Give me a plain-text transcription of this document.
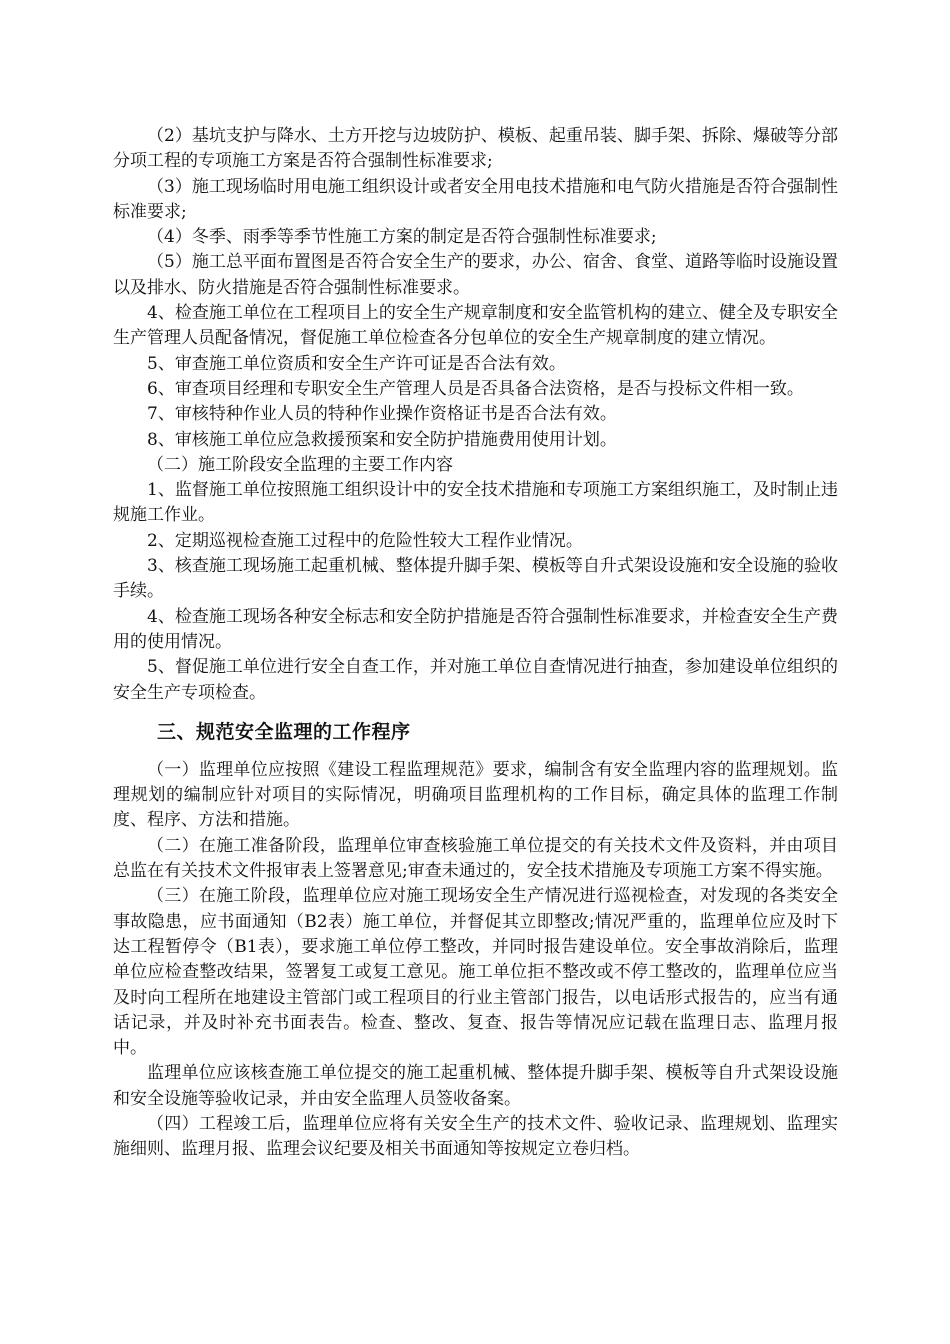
（2）基坑支护与降水、土方开挖与边坡防护、模板、起重吊装、脚手架、拆除、爆破等分部分项工程的专项施工方案是否符合强制性标准要求;

（3）施工现场临时用电施工组织设计或者安全用电技术措施和电气防火措施是否符合强制性标准要求;

（4）冬季、雨季等季节性施工方案的制定是否符合强制性标准要求;

（5）施工总平面布置图是否符合安全生产的要求，办公、宿舍、食堂、道路等临时设施设置以及排水、防火措施是否符合强制性标准要求。

4、检查施工单位在工程项目上的安全生产规章制度和安全监管机构的建立、健全及专职安全生产管理人员配备情况，督促施工单位检查各分包单位的安全生产规章制度的建立情况。

5、审查施工单位资质和安全生产许可证是否合法有效。

6、审查项目经理和专职安全生产管理人员是否具备合法资格，是否与投标文件相一致。

7、审核特种作业人员的特种作业操作资格证书是否合法有效。

8、审核施工单位应急救援预案和安全防护措施费用使用计划。

（二）施工阶段安全监理的主要工作内容

1、监督施工单位按照施工组织设计中的安全技术措施和专项施工方案组织施工，及时制止违规施工作业。

2、定期巡视检查施工过程中的危险性较大工程作业情况。

3、核查施工现场施工起重机械、整体提升脚手架、模板等自升式架设设施和安全设施的验收手续。

4、检查施工现场各种安全标志和安全防护措施是否符合强制性标准要求，并检查安全生产费用的使用情况。

5、督促施工单位进行安全自查工作，并对施工单位自查情况进行抽查，参加建设单位组织的安全生产专项检查。

三、规范安全监理的工作程序

（一）监理单位应按照《建设工程监理规范》要求，编制含有安全监理内容的监理规划。监理规划的编制应针对项目的实际情况，明确项目监理机构的工作目标，确定具体的监理工作制度、程序、方法和措施。

（二）在施工准备阶段，监理单位审查核验施工单位提交的有关技术文件及资料，并由项目总监在有关技术文件报审表上签署意见;审查未通过的，安全技术措施及专项施工方案不得实施。

（三）在施工阶段，监理单位应对施工现场安全生产情况进行巡视检查，对发现的各类安全事故隐患，应书面通知（B2表）施工单位，并督促其立即整改;情况严重的，监理单位应及时下达工程暂停令（B1表），要求施工单位停工整改，并同时报告建设单位。安全事故消除后，监理单位应检查整改结果，签署复工或复工意见。施工单位拒不整改或不停工整改的，监理单位应当及时向工程所在地建设主管部门或工程项目的行业主管部门报告，以电话形式报告的，应当有通话记录，并及时补充书面表告。检查、整改、复查、报告等情况应记载在监理日志、监理月报中。

监理单位应该核查施工单位提交的施工起重机械、整体提升脚手架、模板等自升式架设设施和安全设施等验收记录，并由安全监理人员签收备案。

（四）工程竣工后，监理单位应将有关安全生产的技术文件、验收记录、监理规划、监理实施细则、监理月报、监理会议纪要及相关书面通知等按规定立卷归档。
